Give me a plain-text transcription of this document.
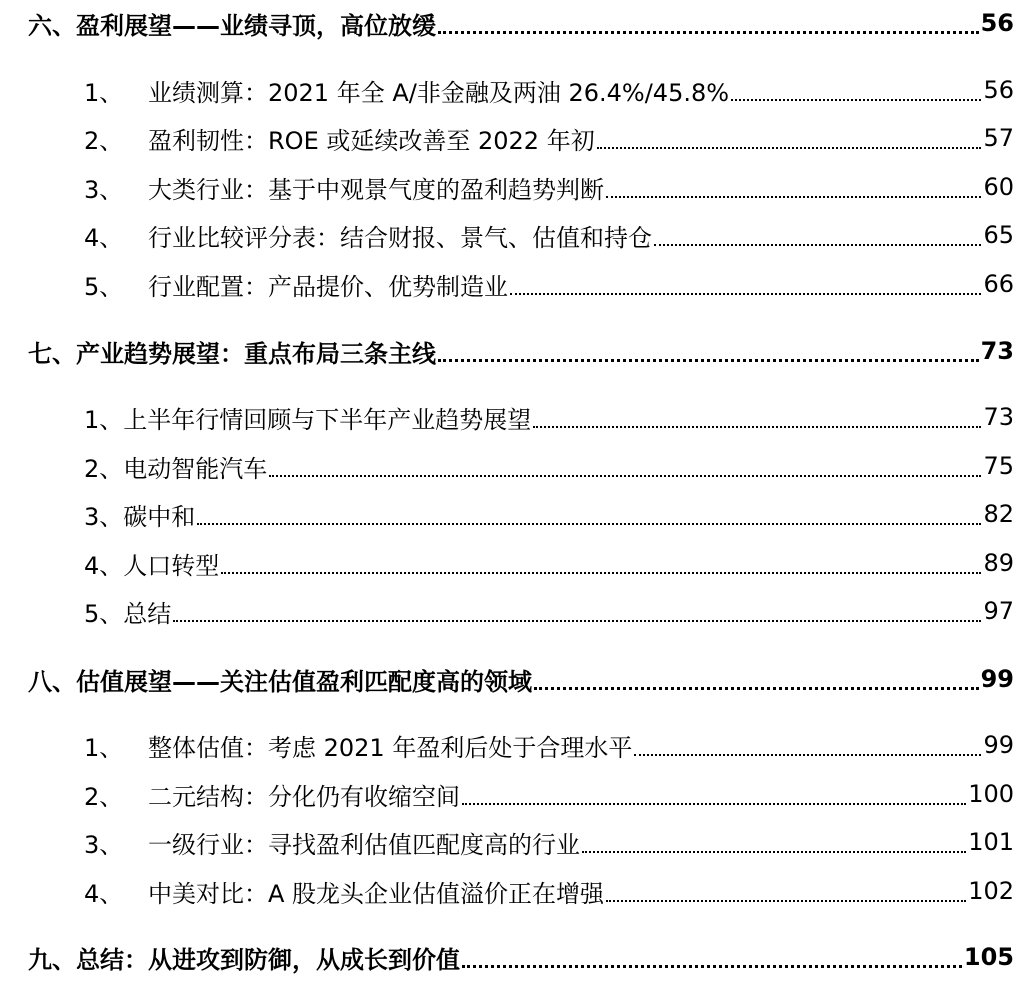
六、盈利展望——业绩寻顶，高位放缓	56
1、	业绩测算：2021 年全 A/非金融及两油 26.4%/45.8%	56
2、	盈利韧性：ROE 或延续改善至 2022 年初	57
3、	大类行业：基于中观景气度的盈利趋势判断	60
4、	行业比较评分表：结合财报、景气、估值和持仓	65
5、	行业配置：产品提价、优势制造业	66
七、产业趋势展望：重点布局三条主线	73
1、 上半年行情回顾与下半年产业趋势展望	73
2、 电动智能汽车	75
3、 碳中和	82
4、 人口转型	89
5、 总结	97
八、估值展望——关注估值盈利匹配度高的领域	99
1、	整体估值：考虑 2021 年盈利后处于合理水平	99
2、	二元结构：分化仍有收缩空间	100
3、	一级行业：寻找盈利估值匹配度高的行业	101
4、	中美对比：A 股龙头企业估值溢价正在增强	102
九、总结：从进攻到防御，从成长到价值	105
